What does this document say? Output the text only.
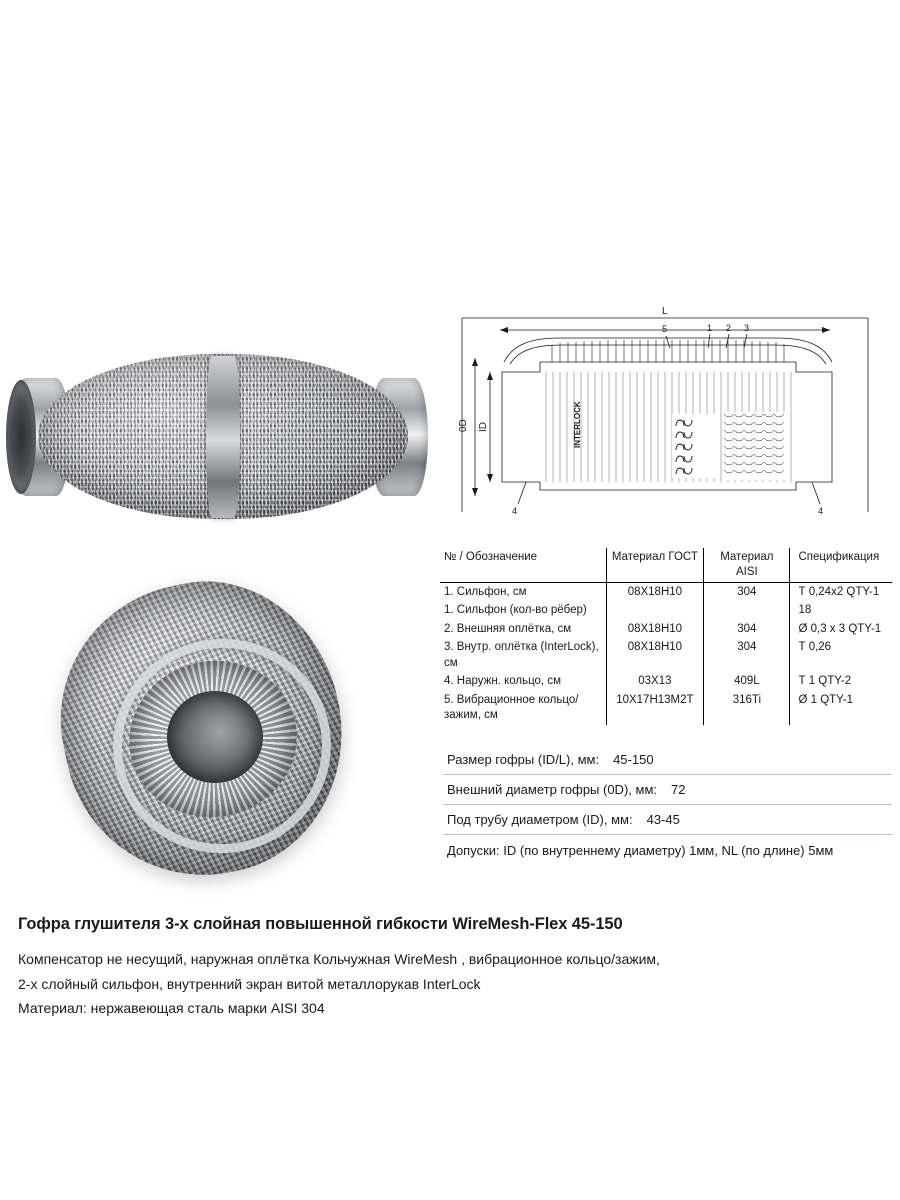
L
0D ID	INTERLOCK
5	1 2 3
4	4
№ / Обозначение	Материал ГОСТ	Материал AISI	Спецификация
1. Сильфон, см	08Х18Н10	304	Т 0,24х2 QTY-1
1. Сильфон (кол-во рёбер)			18
2. Внешняя оплётка, см	08Х18Н10	304	Ø 0,3 х 3 QTY-1
3. Внутр. оплётка (InterLock), см	08Х18Н10	304	Т 0,26
4. Наружн. кольцо, см	03Х13	409L	Т 1 QTY-2
5. Вибрационное кольцо/зажим, см	10Х17Н13М2Т	316Ti	Ø 1 QTY-1
Размер гофры (ID/L), мм: 45-150
Внешний диаметр гофры (0D), мм: 72
Под трубу диаметром (ID), мм: 43-45
Допуски: ID (по внутреннему диаметру) 1мм, NL (по длине) 5мм
Гофра глушителя 3-х слойная повышенной гибкости WireMesh-Flex 45-150

Компенсатор не несущий, наружная оплётка Кольчужная WireMesh , вибрационное кольцо/зажим,

2-х слойный сильфон, внутренний экран витой металлорукав InterLock

Материал: нержавеющая сталь марки AISI 304
